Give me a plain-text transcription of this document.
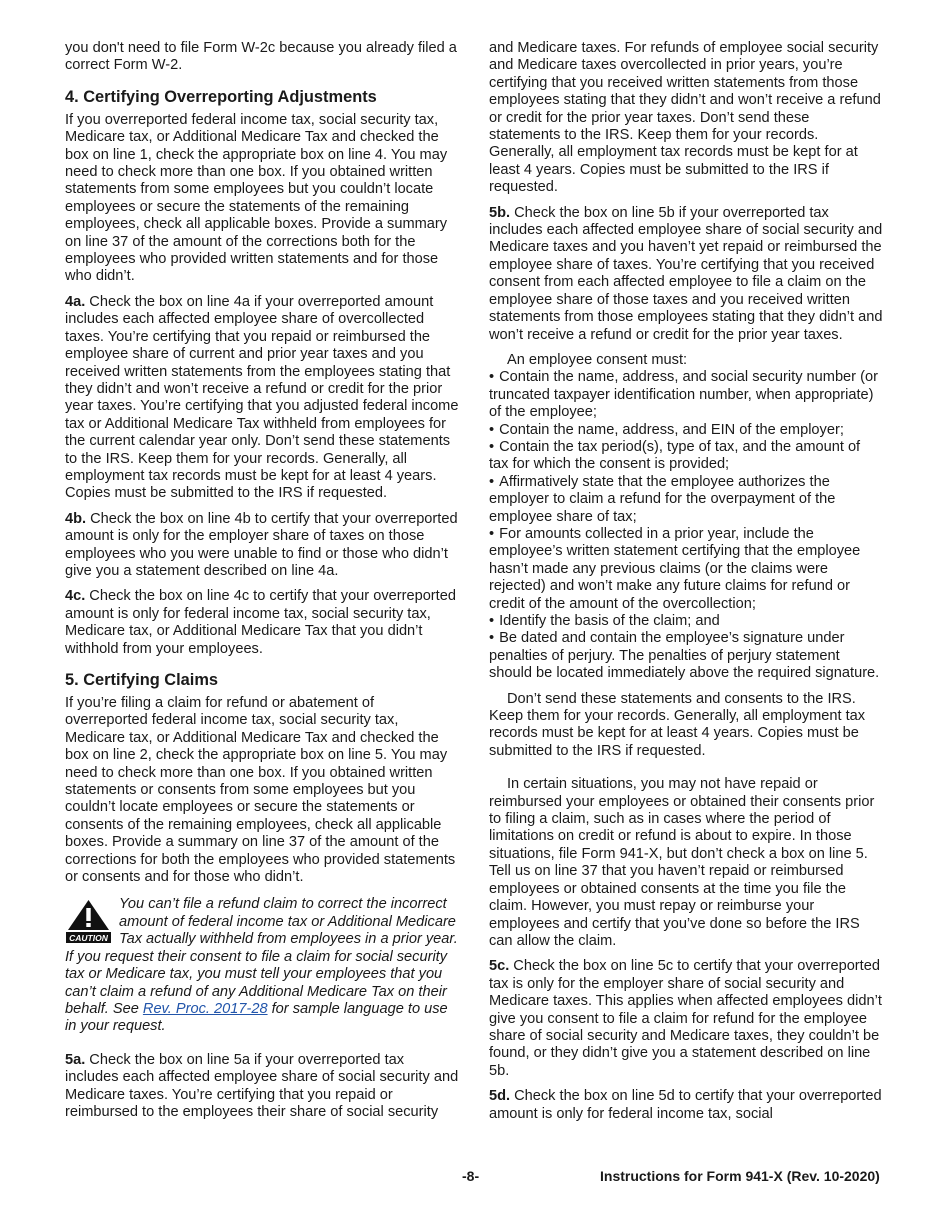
you don't need to file Form W-2c because you already filed a correct Form W-2.

4. Certifying Overreporting Adjustments

If you overreported federal income tax, social security tax, Medicare tax, or Additional Medicare Tax and checked the box on line 1, check the appropriate box on line 4. You may need to check more than one box. If you obtained written statements from some employees but you couldn’t locate employees or secure the statements of the remaining employees, check all applicable boxes. Provide a summary on line 37 of the amount of the corrections both for the employees who provided written statements and for those who didn’t.

4a. Check the box on line 4a if your overreported amount includes each affected employee share of overcollected taxes. You’re certifying that you repaid or reimbursed the employee share of current and prior year taxes and you received written statements from the employees stating that they didn’t and won’t receive a refund or credit for the prior year taxes. You’re certifying that you adjusted federal income tax or Additional Medicare Tax withheld from employees for the current calendar year only. Don’t send these statements to the IRS. Keep them for your records. Generally, all employment tax records must be kept for at least 4 years. Copies must be submitted to the IRS if requested.

4b. Check the box on line 4b to certify that your overreported amount is only for the employer share of taxes on those employees who you were unable to find or those who didn’t give you a statement described on line 4a.

4c. Check the box on line 4c to certify that your overreported amount is only for federal income tax, social security tax, Medicare tax, or Additional Medicare Tax that you didn’t withhold from your employees.

5. Certifying Claims

If you’re filing a claim for refund or abatement of overreported federal income tax, social security tax, Medicare tax, or Additional Medicare Tax and checked the box on line 2, check the appropriate box on line 5. You may need to check more than one box. If you obtained written statements or consents from some employees but you couldn’t locate employees or secure the statements or consents of the remaining employees, check all applicable boxes. Provide a summary on line 37 of the amount of the corrections for both the employees who provided statements or consents and for those who didn’t.

CAUTION
You can’t file a refund claim to correct the incorrect amount of federal income tax or Additional Medicare Tax actually withheld from employees in a prior year. If you request their consent to file a claim for social security tax or Medicare tax, you must tell your employees that you can’t claim a refund of any Additional Medicare Tax on their behalf. See Rev. Proc. 2017-28 for sample language to use in your request.

5a. Check the box on line 5a if your overreported tax includes each affected employee share of social security and Medicare taxes. You’re certifying that you repaid or reimbursed to the employees their share of social security

and Medicare taxes. For refunds of employee social security and Medicare taxes overcollected in prior years, you’re certifying that you received written statements from those employees stating that they didn’t and won’t receive a refund or credit for the prior year taxes. Don’t send these statements to the IRS. Keep them for your records. Generally, all employment tax records must be kept for at least 4 years. Copies must be submitted to the IRS if requested.

5b. Check the box on line 5b if your overreported tax includes each affected employee share of social security and Medicare taxes and you haven’t yet repaid or reimbursed the employee share of taxes. You’re certifying that you received consent from each affected employee to file a claim on the employee share of those taxes and you received written statements from those employees stating that they didn’t and won’t receive a refund or credit for the prior year taxes.

An employee consent must:

• Contain the name, address, and social security number (or truncated taxpayer identification number, when appropriate) of the employee;
• Contain the name, address, and EIN of the employer;
• Contain the tax period(s), type of tax, and the amount of tax for which the consent is provided;
• Affirmatively state that the employee authorizes the employer to claim a refund for the overpayment of the employee share of tax;
• For amounts collected in a prior year, include the employee’s written statement certifying that the employee hasn’t made any previous claims (or the claims were rejected) and won’t make any future claims for refund or credit of the amount of the overcollection;
• Identify the basis of the claim; and
• Be dated and contain the employee’s signature under penalties of perjury. The penalties of perjury statement should be located immediately above the required signature.

Don’t send these statements and consents to the IRS. Keep them for your records. Generally, all employment tax records must be kept for at least 4 years. Copies must be submitted to the IRS if requested.

In certain situations, you may not have repaid or reimbursed your employees or obtained their consents prior to filing a claim, such as in cases where the period of limitations on credit or refund is about to expire. In those situations, file Form 941-X, but don’t check a box on line 5. Tell us on line 37 that you haven’t repaid or reimbursed employees or obtained consents at the time you file the claim. However, you must repay or reimburse your employees and certify that you’ve done so before the IRS can allow the claim.

5c. Check the box on line 5c to certify that your overreported tax is only for the employer share of social security and Medicare taxes. This applies when affected employees didn’t give you consent to file a claim for refund for the employee share of social security and Medicare taxes, they couldn’t be found, or they didn’t give you a statement described on line 5b.

5d. Check the box on line 5d to certify that your overreported amount is only for federal income tax, social

-8-	Instructions for Form 941-X (Rev. 10-2020)
